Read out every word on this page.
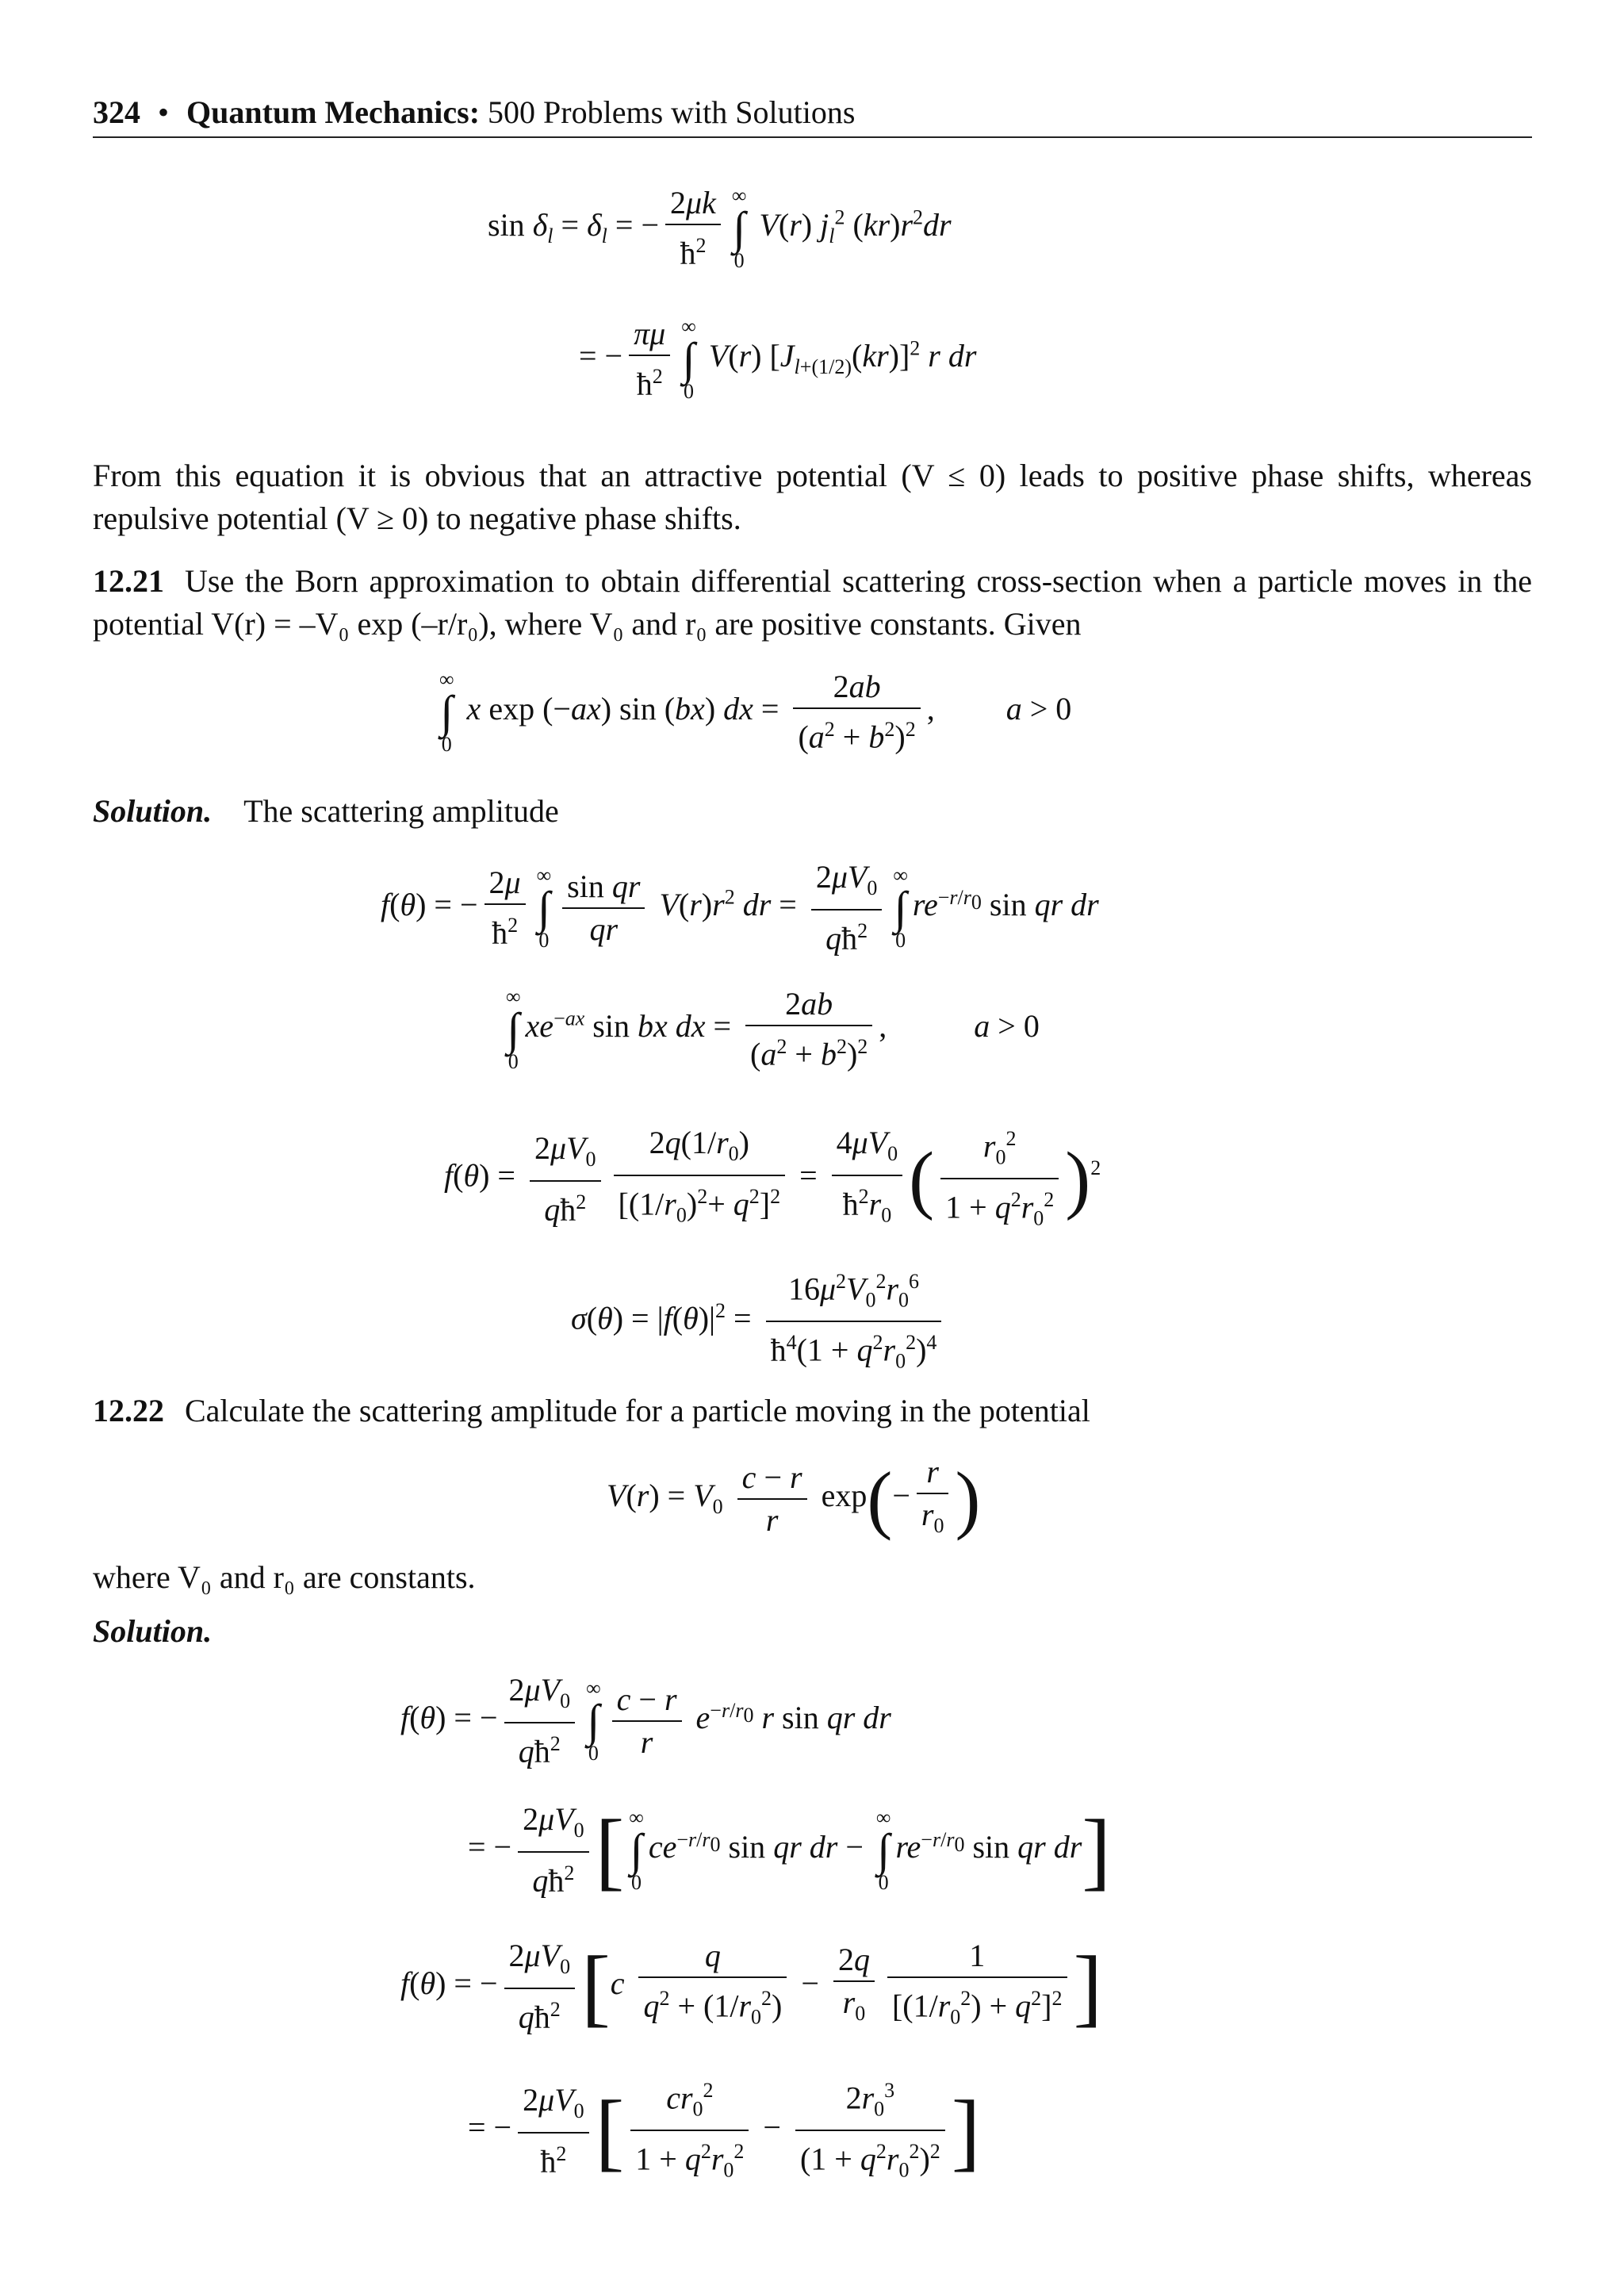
324 • Quantum Mechanics: 500 Problems with Solutions
$\sin \delta_l = \delta_l$ = − $\frac{2\mu k}{ħ^2}$ ∞
∫
0
V(r) $j_l^2$ $(kr)r^2dr$
= − $\frac{\pi\mu}{ħ^2}$ ∞
∫
0
V(r) $[J_{l+(1/2)}(kr)]^2$ r dr
From this equation it is obvious that an attractive potential (V ≤ 0) leads to positive phase shifts, whereas repulsive potential (V ≥ 0) to negative phase shifts.
12.21 Use the Born approximation to obtain differential scattering cross-section when a particle moves in the potential V(r) = –V₀ exp (–r/r₀), where V₀ and r₀ are positive constants. Given
∞
∫
0
x exp (−ax) sin (bx) dx = $\frac{2ab}{(a^2 + b^2)^2}$ , a > 0
Solution. The scattering amplitude
f(θ) = − $\frac{2\mu}{ħ^2}$ ∞
∫
$0 \frac{\text{sin qr}}{qr} V(r)r^2$ dr = $\frac{2\mu V_0}{qħ^2}$ ∞
∫
0
$re^{-r/r_0}$ sin qr dr
∞
∫
0
$xe^{-ax}$ sin bx dx = $\frac{2ab}{(a^2 + b^2)^2}$ ,	a > 0
$f(\theta) = \frac{2\mu V_0}{qħ^2} \frac{2q(1/r_0)}{[(1/r_0)^2+ q^2]^2} = \frac{4\mu V_0}{ħ^2r_0}$ ( $\frac{r_0^2}{1 + q^2r_0^2} )^2$
$\sigma(\theta) = |f(\theta)|^2 = \frac{16\mu^2V_0^2r_0^6}{ħ^4(1 + q^2r_0^2)^4}$
12.22 Calculate the scattering amplitude for a particle moving in the potential
$V(r) = V_0 \frac{c - r}{r} \exp(- \frac{r}{r_0}$ )
where V₀ and r₀ are constants.
Solution.
f(θ) = − $\frac{2\mu V_0}{qħ^2}$ ∞
∫
$0 \frac{c - r}{r} e^{-r/r_0}$ r sin qr dr
= − $\frac{2\mu V_0}{qħ^2}$ [ ∞
∫
0
$ce^{-r/r_0}$ sin qr dr −
∞
∫
0
$re^{-r/r_0}$ sin qr dr]
f(θ) = − $\frac{2\mu V_0}{qħ^2} [c \frac{q}{q^2 + (1/r_0^2)} - \frac{2q}{r_0} \frac{1}{[(1/r_0^2) + q^2]^2}$ ]
= − $\frac{2\mu V_0}{ħ^2}$ [ $\frac{cr_0^2}{1 + q^2r_0^2} - \frac{2r_0^3}{(1 + q^2r_0^2)^2}$ ]
